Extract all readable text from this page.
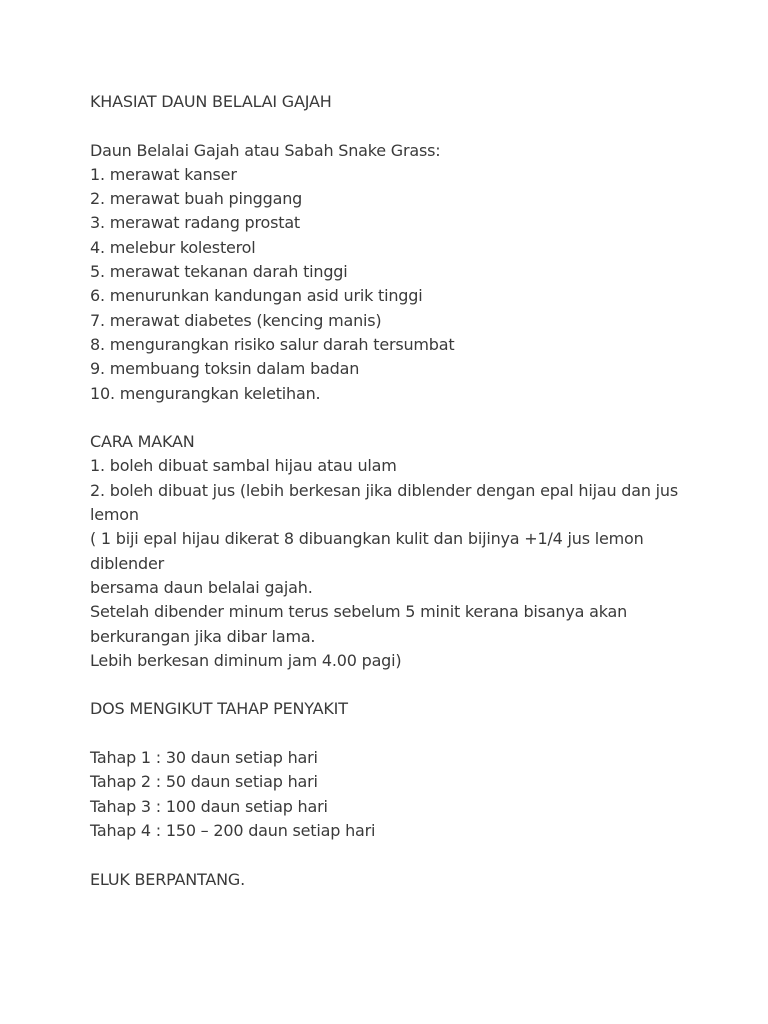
KHASIAT DAUN BELALAI GAJAH
Daun Belalai Gajah atau Sabah Snake Grass:
1. merawat kanser
2. merawat buah pinggang
3. merawat radang prostat
4. melebur kolesterol
5. merawat tekanan darah tinggi
6. menurunkan kandungan asid urik tinggi
7. merawat diabetes (kencing manis)
8. mengurangkan risiko salur darah tersumbat
9. membuang toksin dalam badan
10. mengurangkan keletihan.
CARA MAKAN
1. boleh dibuat sambal hijau atau ulam
2. boleh dibuat jus (lebih berkesan jika diblender dengan epal hijau dan jus
lemon
( 1 biji epal hijau dikerat 8 dibuangkan kulit dan bijinya +1/4 jus lemon
diblender
bersama daun belalai gajah.
Setelah dibender minum terus sebelum 5 minit kerana bisanya akan
berkurangan jika dibar lama.
Lebih berkesan diminum jam 4.00 pagi)
DOS MENGIKUT TAHAP PENYAKIT
Tahap 1 : 30 daun setiap hari
Tahap 2 : 50 daun setiap hari
Tahap 3 : 100 daun setiap hari
Tahap 4 : 150 – 200 daun setiap hari
ELUK BERPANTANG.
